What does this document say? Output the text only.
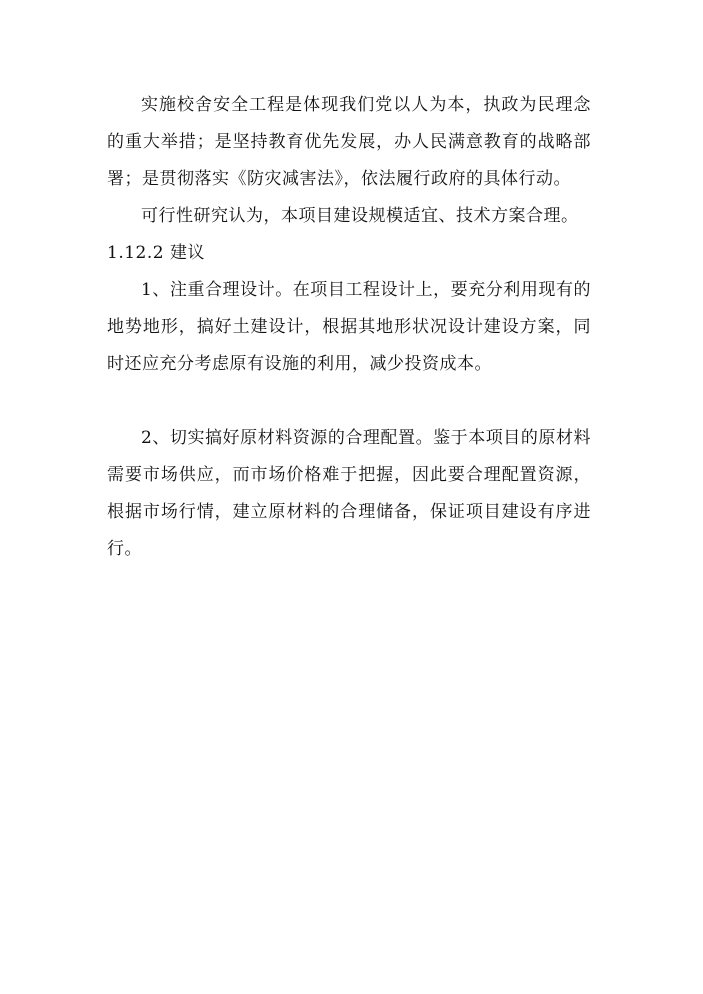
实施校舍安全工程是体现我们党以人为本，执政为民理念的重大举措；是坚持教育优先发展，办人民满意教育的战略部署；是贯彻落实《防灾减害法》，依法履行政府的具体行动。

可行性研究认为，本项目建设规模适宜、技术方案合理。

1.12.2 建议

1、注重合理设计。在项目工程设计上，要充分利用现有的地势地形，搞好土建设计，根据其地形状况设计建设方案，同时还应充分考虑原有设施的利用，减少投资成本。

2、切实搞好原材料资源的合理配置。鉴于本项目的原材料需要市场供应，而市场价格难于把握，因此要合理配置资源，根据市场行情，建立原材料的合理储备，保证项目建设有序进行。
